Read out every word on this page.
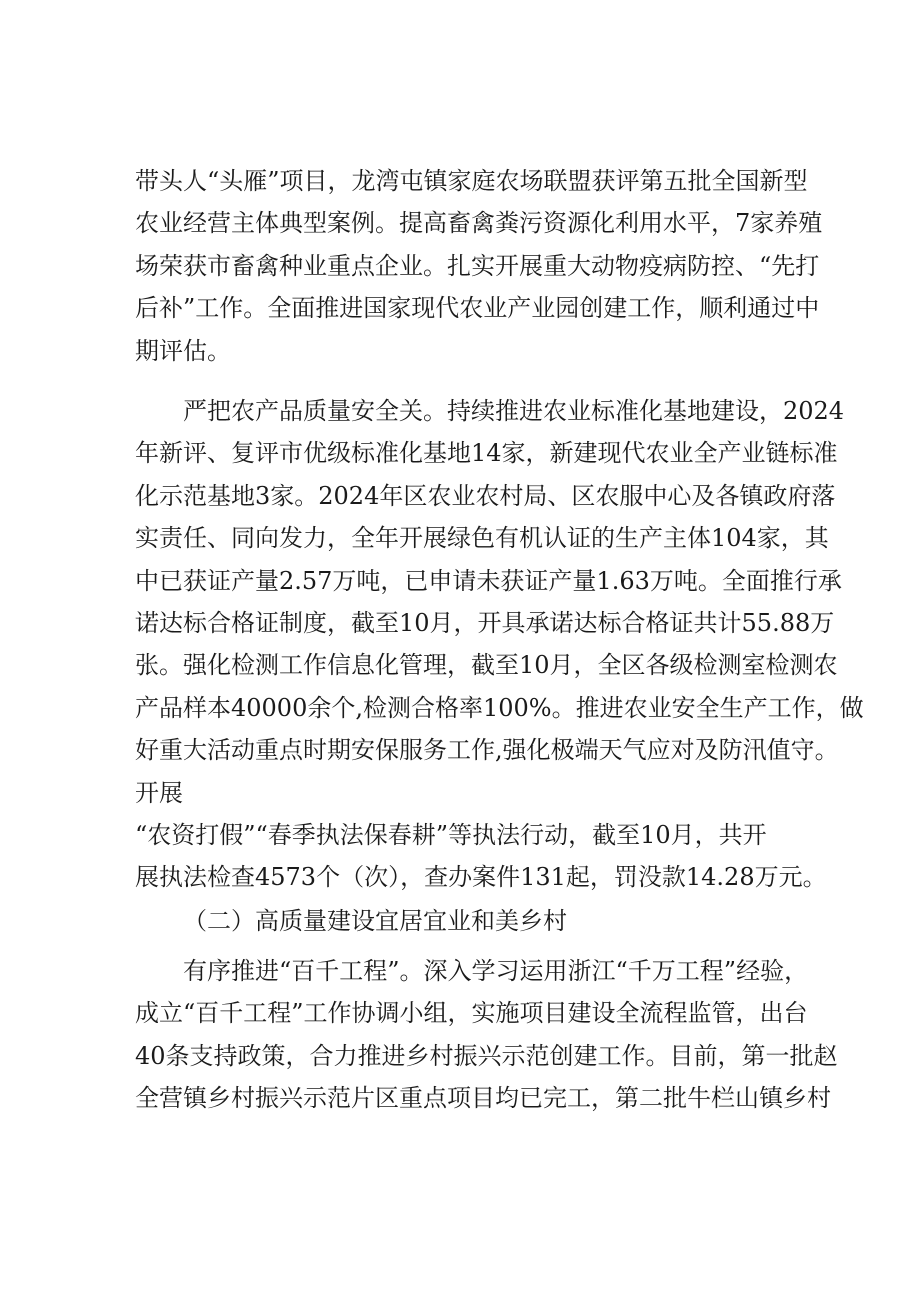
带头人“头雁”项目，龙湾屯镇家庭农场联盟获评第五批全国新型
农业经营主体典型案例。提高畜禽粪污资源化利用水平，7家养殖
场荣获市畜禽种业重点企业。扎实开展重大动物疫病防控、“先打
后补”工作。全面推进国家现代农业产业园创建工作，顺利通过中
期评估。
严把农产品质量安全关。持续推进农业标准化基地建设，2024
年新评、复评市优级标准化基地14家，新建现代农业全产业链标准
化示范基地3家。2024年区农业农村局、区农服中心及各镇政府落
实责任、同向发力，全年开展绿色有机认证的生产主体104家，其
中已获证产量2.57万吨，已申请未获证产量1.63万吨。全面推行承
诺达标合格证制度，截至10月，开具承诺达标合格证共计55.88万
张。强化检测工作信息化管理，截至10月，全区各级检测室检测农
产品样本40000余个,检测合格率100%。推进农业安全生产工作，做
好重大活动重点时期安保服务工作,强化极端天气应对及防汛值守。
开展
“农资打假”“春季执法保春耕”等执法行动，截至10月，共开
展执法检查4573个（次），查办案件131起，罚没款14.28万元。
（二）高质量建设宜居宜业和美乡村
有序推进“百千工程”。深入学习运用浙江“千万工程”经验，
成立“百千工程”工作协调小组，实施项目建设全流程监管，出台
40条支持政策，合力推进乡村振兴示范创建工作。目前，第一批赵
全营镇乡村振兴示范片区重点项目均已完工，第二批牛栏山镇乡村
